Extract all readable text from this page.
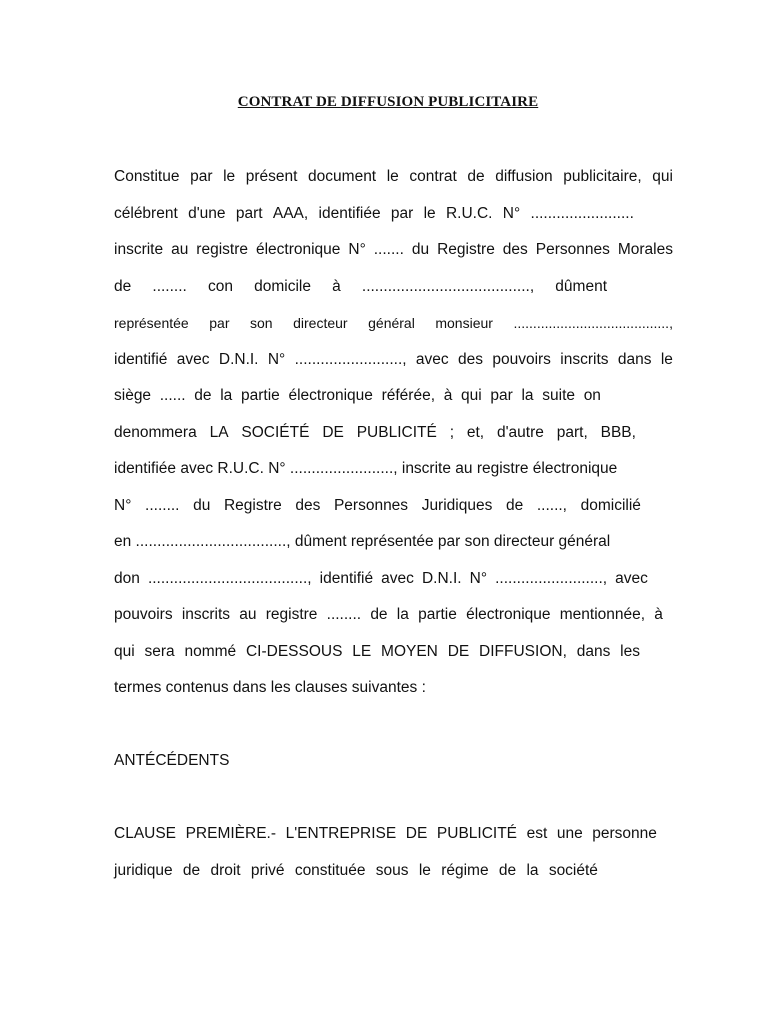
CONTRAT DE DIFFUSION PUBLICITAIRE
Constitue par le présent document le contrat de diffusion publicitaire, qui
célébrent d'une part AAA, identifiée par le R.U.C. N° ........................
inscrite au registre électronique N° ....... du Registre des Personnes Morales
de ........ con domicile à ......................................., dûment
représentée par son directeur général monsieur ........................................,
identifié avec D.N.I. N° ........................., avec des pouvoirs inscrits dans le
siège ...... de la partie électronique référée, à qui par la suite on
denommera LA SOCIÉTÉ DE PUBLICITÉ ; et, d'autre part, BBB,
identifiée avec R.U.C. N° ........................, inscrite au registre électronique
N° ........ du Registre des Personnes Juridiques de ......, domicilié
en ..................................., dûment représentée par son directeur général
don ....................................., identifié avec D.N.I. N° ........................., avec
pouvoirs inscrits au registre ........ de la partie électronique mentionnée, à
qui sera nommé CI-DESSOUS LE MOYEN DE DIFFUSION, dans les
termes contenus dans les clauses suivantes :
ANTÉCÉDENTS
CLAUSE PREMIÈRE.- L'ENTREPRISE DE PUBLICITÉ est une personne
juridique de droit privé constituée sous le régime de la société
